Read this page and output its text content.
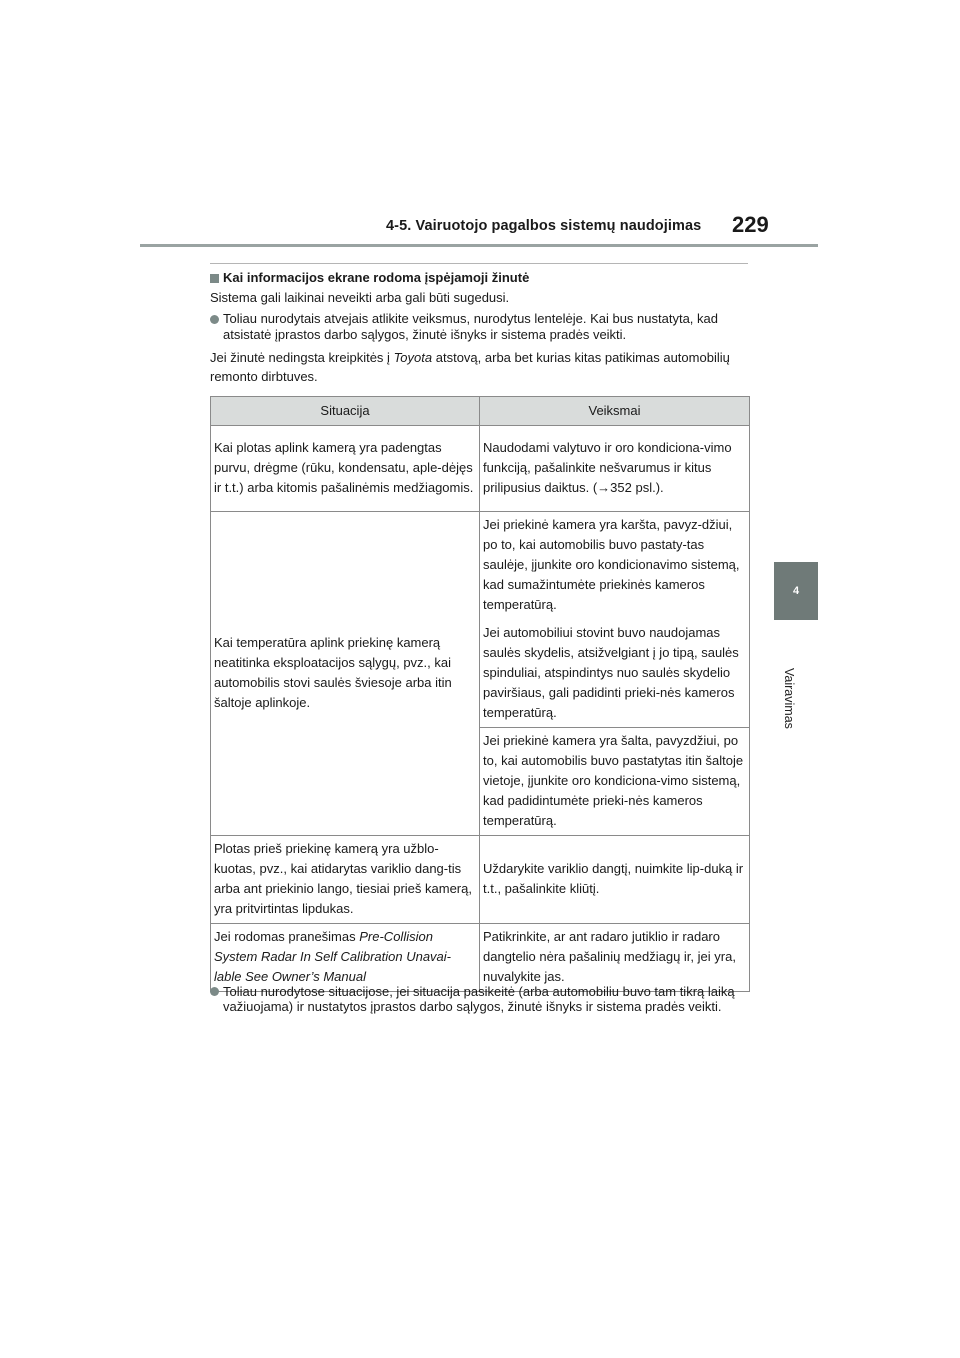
4-5. Vairuotojo pagalbos sistemų naudojimas 229
4
Vairavimas
Kai informacijos ekrane rodoma įspėjamoji žinutė
Sistema gali laikinai neveikti arba gali būti sugedusi.
Toliau nurodytais atvejais atlikite veiksmus, nurodytus lentelėje. Kai bus nustatyta, kad atsistatė įprastos darbo sąlygos, žinutė išnyks ir sistema pradės veikti.
Jei žinutė nedingsta kreipkitės į Toyota atstovą, arba bet kurias kitas patikimas automobilių remonto dirbtuves.
Situacija	Veiksmai
Kai plotas aplink kamerą yra padengtas purvu, drėgme (rūku, kondensatu, aple-dėjęs ir t.t.) arba kitomis pašalinėmis medžiagomis.	Naudodami valytuvo ir oro kondiciona-vimo funkciją, pašalinkite nešvarumus ir kitus prilipusius daiktus. (→352 psl.).
Kai temperatūra aplink priekinę kamerą neatitinka eksploatacijos sąlygų, pvz., kai automobilis stovi saulės šviesoje arba itin šaltoje aplinkoje.	Jei priekinė kamera yra karšta, pavyz-džiui, po to, kai automobilis buvo pastaty-tas saulėje, įjunkite oro kondicionavimo sistemą, kad sumažintumėte priekinės kameros temperatūrą.
Jei automobiliui stovint buvo naudojamas saulės skydelis, atsižvelgiant į jo tipą, saulės spinduliai, atspindintys nuo saulės skydelio paviršiaus, gali padidinti prieki-nės kameros temperatūrą.

	Jei priekinė kamera yra šalta, pavyzdžiui, po to, kai automobilis buvo pastatytas itin šaltoje vietoje, įjunkite oro kondiciona-vimo sistemą, kad padidintumėte prieki-nės kameros temperatūrą.
Plotas prieš priekinę kamerą yra užblo-kuotas, pvz., kai atidarytas variklio dang-tis arba ant priekinio lango, tiesiai prieš kamerą, yra pritvirtintas lipdukas.	Uždarykite variklio dangtį, nuimkite lip-duką ir t.t., pašalinkite kliūtį.
Jei rodomas pranešimas Pre-Collision System Radar In Self Calibration Unavai-lable See Owner’s Manual	Patikrinkite, ar ant radaro jutiklio ir radaro dangtelio nėra pašalinių medžiagų ir, jei yra, nuvalykite jas.
Toliau nurodytose situacijose, jei situacija pasikeitė (arba automobiliu buvo tam tikrą laiką važiuojama) ir nustatytos įprastos darbo sąlygos, žinutė išnyks ir sistema pradės veikti.
